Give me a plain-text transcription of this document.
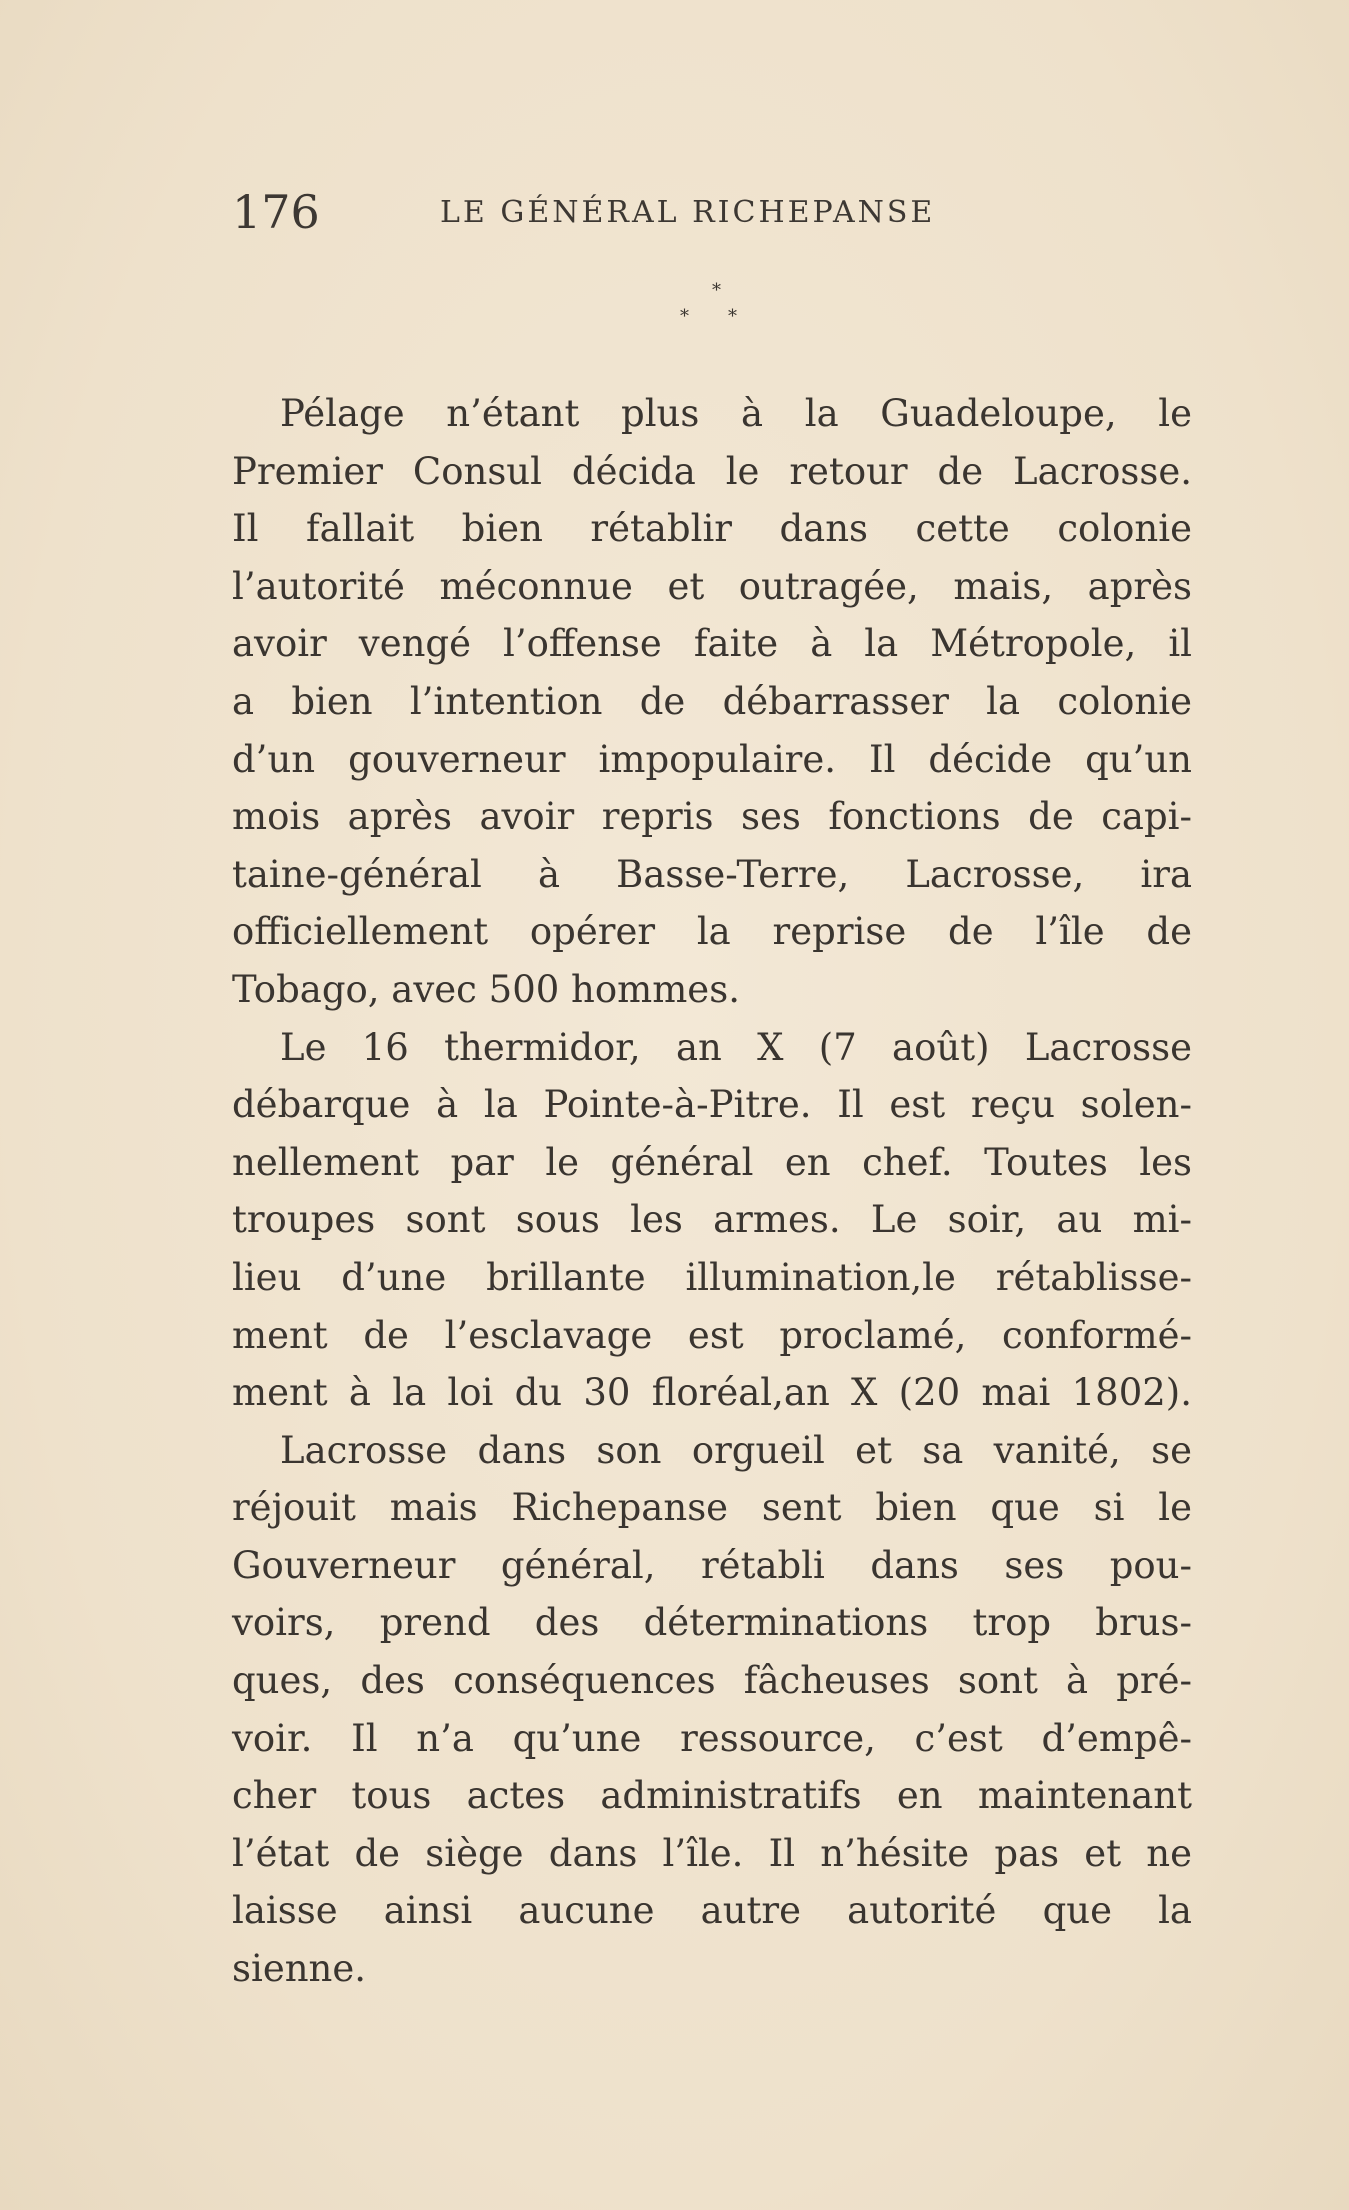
176	LE GÉNÉRAL RICHEPANSE
*
* *
Pélage n’étant plus à la Guadeloupe, le
Premier Consul décida le retour de Lacrosse.
Il fallait bien rétablir dans cette colonie
l’autorité méconnue et outragée, mais, après
avoir vengé l’offense faite à la Métropole, il
a bien l’intention de débarrasser la colonie
d’un gouverneur impopulaire. Il décide qu’un
mois après avoir repris ses fonctions de capi-
taine-général à Basse-Terre, Lacrosse, ira
officiellement opérer la reprise de l’île de
Tobago, avec 500 hommes.
Le 16 thermidor, an X (7 août) Lacrosse
débarque à la Pointe-à-Pitre. Il est reçu solen-
nellement par le général en chef. Toutes les
troupes sont sous les armes. Le soir, au mi-
lieu d’une brillante illumination,le rétablisse-
ment de l’esclavage est proclamé, conformé-
ment à la loi du 30 floréal,an X (20 mai 1802).
Lacrosse dans son orgueil et sa vanité, se
réjouit mais Richepanse sent bien que si le
Gouverneur général, rétabli dans ses pou-
voirs, prend des déterminations trop brus-
ques, des conséquences fâcheuses sont à pré-
voir. Il n’a qu’une ressource, c’est d’empê-
cher tous actes administratifs en maintenant
l’état de siège dans l’île. Il n’hésite pas et ne
laisse ainsi aucune autre autorité que la
sienne.
